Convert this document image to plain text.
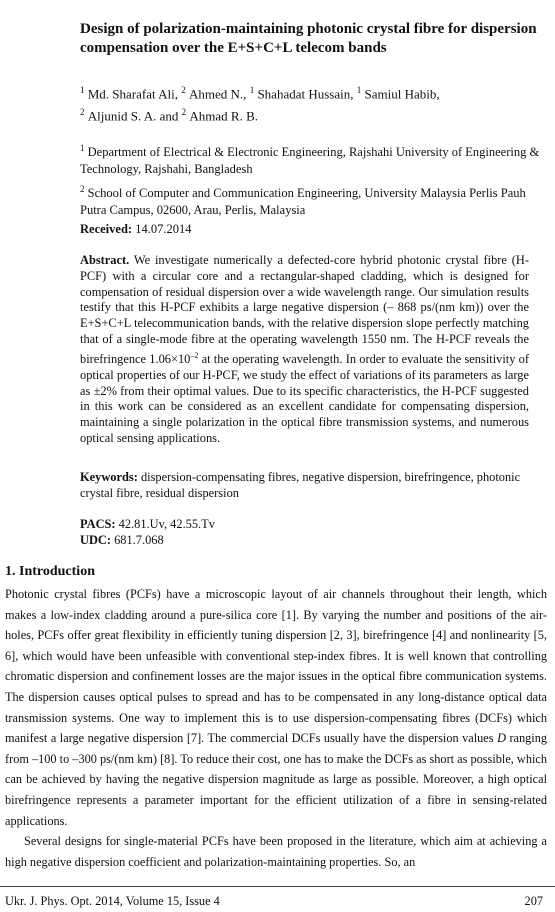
Design of polarization-maintaining photonic crystal fibre for dispersion compensation over the E+S+C+L telecom bands
$^1$ Md. Sharafat Ali, $^2$ Ahmed N., $^1$ Shahadat Hussain, $^1$ Samiul Habib,
$^2$ Aljunid S. A. and $^2$ Ahmad R. B.

$^1$ Department of Electrical & Electronic Engineering, Rajshahi University of Engineering & Technology, Rajshahi, Bangladesh

$^2$ School of Computer and Communication Engineering, University Malaysia Perlis Pauh Putra Campus, 02600, Arau, Perlis, Malaysia

Received: 14.07.2014
Abstract. We investigate numerically a defected-core hybrid photonic crystal fibre (H-PCF) with a circular core and a rectangular-shaped cladding, which is designed for compensation of residual dispersion over a wide wavelength range. Our simulation results testify that this H-PCF exhibits a large negative dispersion (– 868 ps/(nm km)) over the E+S+C+L telecommunication bands, with the relative dispersion slope perfectly matching that of a single-mode fibre at the operating wavelength 1550 nm. The H-PCF reveals the birefringence $1.06\times 10^{-2}$ at the operating wavelength. In order to evaluate the sensitivity of optical properties of our H-PCF, we study the effect of variations of its parameters as large as ±2% from their optimal values. Due to its specific characteristics, the H-PCF suggested in this work can be considered as an excellent candidate for compensating dispersion, maintaining a single polarization in the optical fibre transmission systems, and numerous optical sensing applications.
Keywords: dispersion-compensating fibres, negative dispersion, birefringence, photonic crystal fibre, residual dispersion

PACS: 42.81.Uv, 42.55.Tv

UDC: 681.7.068

1. Introduction

Photonic crystal fibres (PCFs) have a microscopic layout of air channels throughout their length, which makes a low-index cladding around a pure-silica core [1]. By varying the number and positions of the air-holes, PCFs offer great flexibility in efficiently tuning dispersion [2, 3], birefringence [4] and nonlinearity [5, 6], which would have been unfeasible with conventional step-index fibres. It is well known that controlling chromatic dispersion and confinement losses are the major issues in the optical fibre communication systems. The dispersion causes optical pulses to spread and has to be compensated in any long-distance optical data transmission systems. One way to implement this is to use dispersion-compensating fibres (DCFs) which manifest a large negative dispersion [7]. The commercial DCFs usually have the dispersion values D ranging from –100 to –300 ps/(nm km) [8]. To reduce their cost, one has to make the DCFs as short as possible, which can be achieved by having the negative dispersion magnitude as large as possible. Moreover, a high optical birefringence represents a parameter important for the efficient utilization of a fibre in sensing-related applications.

Several designs for single-material PCFs have been proposed in the literature, which aim at achieving a high negative dispersion coefficient and polarization-maintaining properties. So, an

Ukr. J. Phys. Opt. 2014, Volume 15, Issue 4	207
